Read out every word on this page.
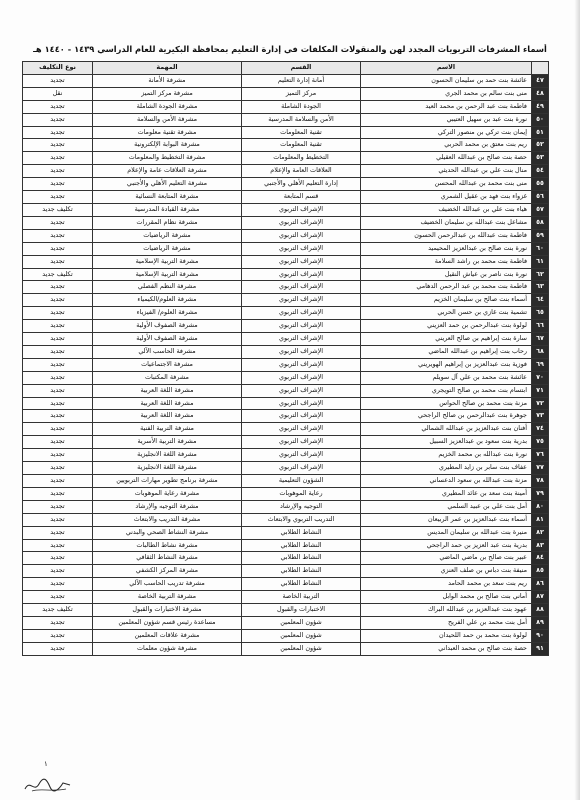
أسماء المشرفات التربويات المجدد لهن والمنقولات المكلفات في إدارة التعليم بمحافظة البكيرية للعام الدراسي ١٤٣٩ - ١٤٤٠ هـ
	الاسم	القسم	المهمة	نوع التكليف
٤٧	عائشة بنت حمد بن سليمان الحسون	أمانة إدارة التعليم	مشرفة الأمانة	تجديد
٤٨	منى بنت سالم بن محمد الجري	مركز التميز	مشرفة مركز التميز	نقل
٤٩	فاطمة بنت عبد الرحمن بن محمد العيد	الجودة الشاملة	مشرفة الجودة الشاملة	تجديد
٥٠	نورة بنت عبد بن سهيل العتيبي	الأمن والسلامة المدرسية	مشرفة الأمن والسلامة	تجديد
٥١	إيمان بنت تركي بن منصور التركي	تقنية المعلومات	مشرفة تقنية معلومات	تجديد
٥٢	ريم بنت معتق بن محمد الحربي	تقنية المعلومات	مشرفة البوابة الإلكترونية	تجديد
٥٣	حصة بنت صالح بن عبدالله العقيلي	التخطيط والمعلومات	مشرفة التخطيط والمعلومات	تجديد
٥٤	منال بنت علي بن عبدالله الحديثي	العلاقات العامة والإعلام	مشرفة العلاقات عامة والإعلام	تجديد
٥٥	منى بنت محمد بن عبدالله المحسن	إدارة التعليم الأهلي والأجنبي	مشرفة التعليم الأهلي والأجنبي	تجديد
٥٦	غزواء بنت فهد بن عقيل الشمري	قسم المتابعة	مشرفة المتابعة النسائية	تجديد
٥٧	هياء بنت علي بن عبدالله الخضيف	الإشراف التربوي	مشرفة القيادة المدرسية	تكليف جديد
٥٨	مشاعل بنت عبدالله بن سليمان الخضيف	الإشراف التربوي	مشرفة نظام المقررات	تجديد
٥٩	فاطمة بنت عبدالله بن عبدالرحمن الحسون	الإشراف التربوي	مشرفة الرياضيات	تجديد
٦٠	نورة بنت صالح بن عبدالعزيز المحيميد	الإشراف التربوي	مشرفة الرياضيات	تجديد
٦١	فاطمة بنت محمد بن راشد السلامة	الإشراف التربوي	مشرفة التربية الإسلامية	تجديد
٦٢	نورة بنت ناصر بن عياش النقيل	الإشراف التربوي	مشرفة التربية الإسلامية	تكليف جديد
٦٣	فاطمة بنت محمد بن عبد الرحمن الدهامي	الإشراف التربوي	مشرفة النظم الفصلي	تجديد
٦٤	أسماء بنت صالح بن سليمان الخزيم	الإشراف التربوي	مشرفة العلوم/الكيمياء	تجديد
٦٥	تشمية بنت غازي بن حسن الحربي	الإشراف التربوي	مشرفة العلوم/ الفيزياء	تجديد
٦٦	لولوة بنت عبدالرحمن بن حمد العزيني	الإشراف التربوي	مشرفة الصفوف الأولية	تجديد
٦٧	سارة بنت إبراهيم بن صالح العريني	الإشراف التربوي	مشرفة الصفوف الأولية	تجديد
٦٨	رحاب بنت إبراهيم بن عبدالله الماضي	الإشراف التربوي	مشرفة الحاسب الآلي	تجديد
٦٩	فوزية بنت عبدالعزيز بن إبراهيم الهويريني	الإشراف التربوي	مشرفة الاجتماعيات	تجديد
٧٠	عائشة بنت محمد بن علي آل سويلم	الإشراف التربوي	مشرفة المكتبات	تجديد
٧١	ابتسام بنت محمد بن صالح التويجري	الإشراف التربوي	مشرفة اللغة العربية	تجديد
٧٢	مزنة بنت محمد بن صالح الحواس	الإشراف التربوي	مشرفة اللغة العربية	تجديد
٧٣	جوهرة بنت عبدالرحمن بن صالح الراجحي	الإشراف التربوي	مشرفة اللغة العربية	تجديد
٧٤	أفنان بنت عبدالعزيز بن عبدالله الشمالي	الإشراف التربوي	مشرفة التربية الفنية	تجديد
٧٥	بدرية بنت سعود بن عبدالعزيز السبيل	الإشراف التربوي	مشرفة التربية الأسرية	تجديد
٧٦	نورة بنت عبدالله بن محمد الخزيم	الإشراف التربوي	مشرفة اللغة الانجليزية	تجديد
٧٧	عفاف بنت سابر بن زايد المطيري	الإشراف التربوي	مشرفة اللغة الانجليزية	تجديد
٧٨	مزنة بنت عبدالله بن سعود الدعساني	الشؤون التعليمية	مشرفة برنامج تطوير مهارات التربويين	تجديد
٧٩	أمينة بنت سعد بن عائد المطيري	رعاية الموهوبات	مشرفة رعاية الموهوبات	تجديد
٨٠	أمل بنت علي بن عبيد السلمي	التوجيه والإرشاد	مشرفة التوجيه والإرشاد	تجديد
٨١	أسماء بنت عبدالعزيز بن عمر الربيعان	التدريب التربوي والابتعاث	مشرفة التدريب والابتعاث	تجديد
٨٢	منيرة بنت عبدالله بن سليمان المديس	النشاط الطلابي	مشرفة النشاط الصحي والبدني	تجديد
٨٣	بدرية بنت عبد العزيز بن حمد الراجحي	النشاط الطلابي	مشرفة نشاط الطالبات	تجديد
٨٤	عبير بنت صالح بن ماضي الماضي	النشاط الطلابي	مشرفة النشاط الثقافي	تجديد
٨٥	منيفة بنت دباس بن صلف العنزي	النشاط الطلابي	مشرفة المركز الكشفي	تجديد
٨٦	ريم بنت سعد بن محمد الحامد	النشاط الطلابي	مشرفة تدريب الحاسب الآلي	تجديد
٨٧	أماني بنت صالح بن محمد الوابل	التربية الخاصة	مشرفة التربية الخاصة	تجديد
٨٨	عهود بنت عبدالعزيز بن عبدالله البراك	الاختبارات والقبول	مشرفة الاختبارات والقبول	تكليف جديد
٨٩	أمل بنت محمد بن علي الفريح	شؤون المعلمين	مساعدة رئيس قسم شؤون المعلمين	تجديد
٩٠	لولوة بنت محمد بن حمد اللحيدان	شؤون المعلمين	مشرفة علاقات المعلمين	تجديد
٩١	حصة بنت صالح بن محمد العبداني	شؤون المعلمين	مشرفة شؤون معلمات	تجديد
١
